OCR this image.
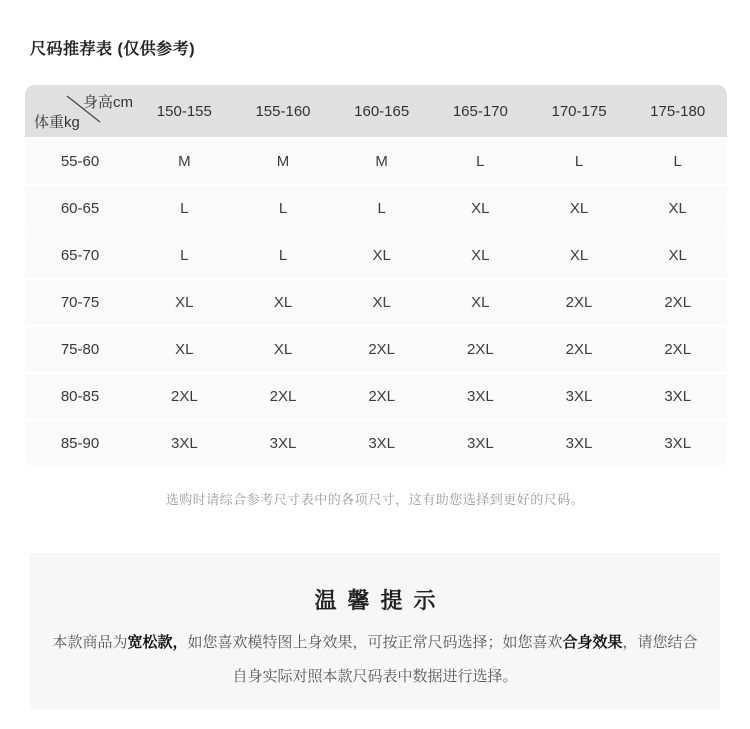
尺码推荐表 (仅供参考)
身高cm
体重kg
150-155	155-160	160-165	165-170	170-175	175-180
55-60	M	M	M	L	L	L
60-65	L	L	L	XL	XL	XL
65-70	L	L	XL	XL	XL	XL
70-75	XL	XL	XL	XL	2XL	2XL
75-80	XL	XL	2XL	2XL	2XL	2XL
80-85	2XL	2XL	2XL	3XL	3XL	3XL
85-90	3XL	3XL	3XL	3XL	3XL	3XL
选购时请综合参考尺寸表中的各项尺寸，这有助您选择到更好的尺码。
温馨提示
本款商品为宽松款，如您喜欢模特图上身效果，可按正常尺码选择；如您喜欢合身效果，请您结合自身实际对照本款尺码表中数据进行选择。
